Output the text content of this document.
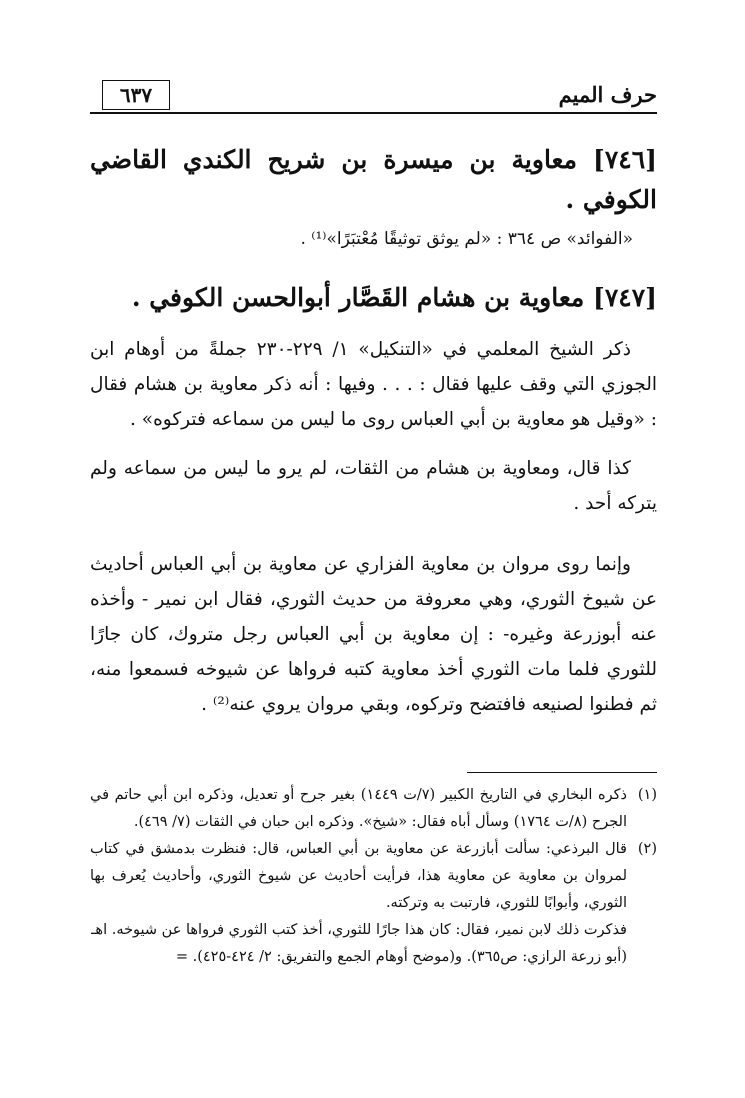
حرف الميم
٦٣٧
[٧٤٦] معاوية بن ميسرة بن شريح الكندي القاضي الكوفي .

«الفوائد» ص ٣٦٤ : «لم يوثق توثيقًا مُعْتبَرًا»⁽¹⁾ .

[٧٤٧] معاوية بن هشام القَصَّار أبوالحسن الكوفي .

ذكر الشيخ المعلمي في «التنكيل» ١/ ٢٢٩-٢٣٠ جملةً من أوهام ابن الجوزي التي وقف عليها فقال : . . . وفيها : أنه ذكر معاوية بن هشام فقال : «وقيل هو معاوية بن أبي العباس روى ما ليس من سماعه فتركوه» .

كذا قال، ومعاوية بن هشام من الثقات، لم يرو ما ليس من سماعه ولم يتركه أحد .

وإنما روى مروان بن معاوية الفزاري عن معاوية بن أبي العباس أحاديث عن شيوخ الثوري، وهي معروفة من حديث الثوري، فقال ابن نمير - وأخذه عنه أبوزرعة وغيره- : إن معاوية بن أبي العباس رجل متروك، كان جارًا للثوري فلما مات الثوري أخذ معاوية كتبه فرواها عن شيوخه فسمعوا منه، ثم فطنوا لصنيعه فافتضح وتركوه، وبقي مروان يروي عنه⁽²⁾ .

(١)

ذكره البخاري في التاريخ الكبير (٧/ت ١٤٤٩) بغير جرح أو تعديل، وذكره ابن أبي حاتم في الجرح (٨/ت ١٧٦٤) وسأل أباه فقال: «شيخ». وذكره ابن حبان في الثقات (٧/ ٤٦٩).

(٢)

قال البرذعي: سألت أبازرعة عن معاوية بن أبي العباس، قال: فنظرت بدمشق في كتاب لمروان بن معاوية عن معاوية هذا، فرأيت أحاديث عن شيوخ الثوري، وأحاديث يُعرف بها الثوري، وأبوابًا للثوري، فارتبت به وتركته.

فذكرت ذلك لابن نمير، فقال: كان هذا جارًا للثوري، أخذ كتب الثوري فرواها عن شيوخه. اهـ

(أبو زرعة الرازي: ص٣٦٥). و(موضح أوهام الجمع والتفريق: ٢/ ٤٢٤-٤٢٥). =
